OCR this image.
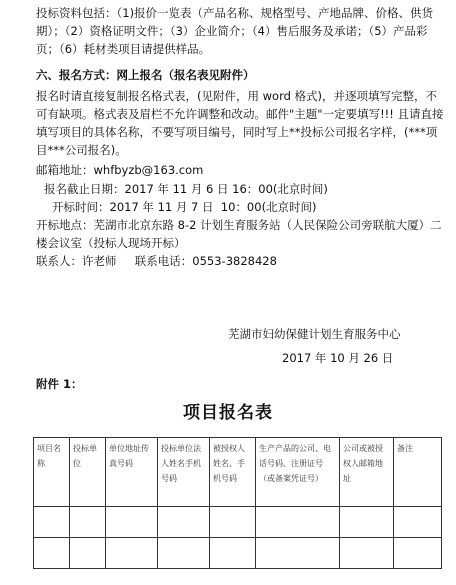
投标资料包括：（1)报价一览表（产品名称、规格型号、产地品牌、价格、供货期）；（2）资格证明文件；（3）企业简介；（4）售后服务及承诺；（5）产品彩页；（6）耗材类项目请提供样品。
六、报名方式：网上报名（报名表见附件）
报名时请直接复制报名格式表，(见附件，用 word 格式)，并逐项填写完整，不可有缺项。格式表及眉栏不允许调整和改动。邮件"主题"一定要填写!!! 且请直接填写项目的具体名称，不要写项目编号，同时写上**投标公司报名字样，(***项目***公司报名)。
邮箱地址：whfbyzb@163.com
报名截止日期：2017 年 11 月 6 日 16：00(北京时间)
开标时间：2017 年 11 月 7 日  10：00(北京时间)
开标地点：芜湖市北京东路 8-2 计划生育服务站（人民保险公司旁联航大厦）二楼会议室（投标人现场开标）
联系人：许老师     联系电话：0553-3828428
芜湖市妇幼保健计划生育服务中心
2017 年 10 月 26 日
附件 1：
项目报名表
项目名称	投标单位	单位地址传真号码	投标单位法人姓名手机号码	被授权人姓名、手机号码	生产产品的公司、电话号码、注册证号（或备案凭证号）	公司或被授权人邮箱地址	备注
